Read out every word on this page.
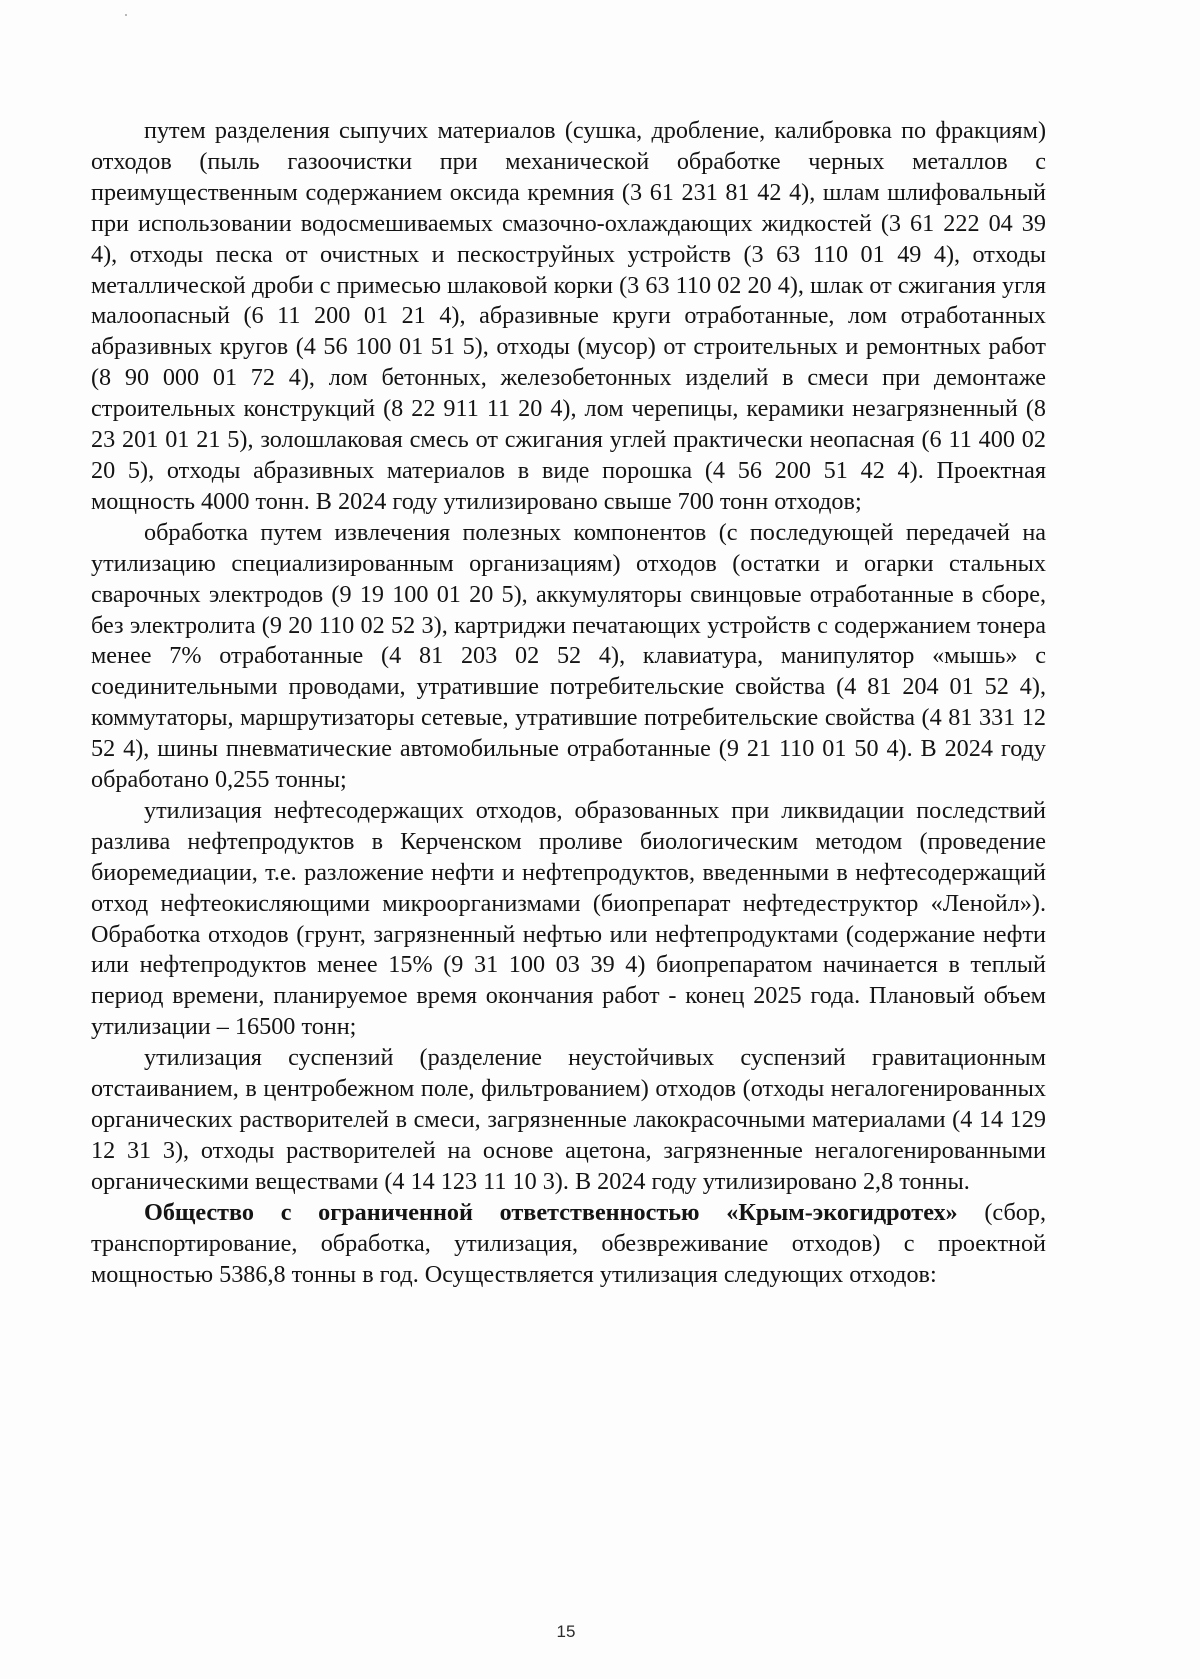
путем разделения сыпучих материалов (сушка, дробление, калибровка по фракциям) отходов (пыль газоочистки при механической обработке черных металлов с преимущественным содержанием оксида кремния (3 61 231 81 42 4), шлам шлифовальный при использовании водосмешиваемых смазочно-охлаждающих жидкостей (3 61 222 04 39 4), отходы песка от очистных и пескоструйных устройств (3 63 110 01 49 4), отходы металлической дроби с примесью шлаковой корки (3 63 110 02 20 4), шлак от сжигания угля малоопасный (6 11 200 01 21 4), абразивные круги отработанные, лом отработанных абразивных кругов (4 56 100 01 51 5), отходы (мусор) от строительных и ремонтных работ (8 90 000 01 72 4), лом бетонных, железобетонных изделий в смеси при демонтаже строительных конструкций (8 22 911 11 20 4), лом черепицы, керамики незагрязненный (8 23 201 01 21 5), золошлаковая смесь от сжигания углей практически неопасная (6 11 400 02 20 5), отходы абразивных материалов в виде порошка (4 56 200 51 42 4). Проектная мощность 4000 тонн. В 2024 году утилизировано свыше 700 тонн отходов;

обработка путем извлечения полезных компонентов (с последующей передачей на утилизацию специализированным организациям) отходов (остатки и огарки стальных сварочных электродов (9 19 100 01 20 5), аккумуляторы свинцовые отработанные в сборе, без электролита (9 20 110 02 52 3), картриджи печатающих устройств с содержанием тонера менее 7% отработанные (4 81 203 02 52 4), клавиатура, манипулятор «мышь» с соединительными проводами, утратившие потребительские свойства (4 81 204 01 52 4), коммутаторы, маршрутизаторы сетевые, утратившие потребительские свойства (4 81 331 12 52 4), шины пневматические автомобильные отработанные (9 21 110 01 50 4). В 2024 году обработано 0,255 тонны;

утилизация нефтесодержащих отходов, образованных при ликвидации последствий разлива нефтепродуктов в Керченском проливе биологическим методом (проведение биоремедиации, т.е. разложение нефти и нефтепродуктов, введенными в нефтесодержащий отход нефтеокисляющими микроорганизмами (биопрепарат нефтедеструктор «Ленойл»). Обработка отходов (грунт, загрязненный нефтью или нефтепродуктами (содержание нефти или нефтепродуктов менее 15% (9 31 100 03 39 4) биопрепаратом начинается в теплый период времени, планируемое время окончания работ - конец 2025 года. Плановый объем утилизации – 16500 тонн;

утилизация суспензий (разделение неустойчивых суспензий гравитационным отстаиванием, в центробежном поле, фильтрованием) отходов (отходы негалогенированных органических растворителей в смеси, загрязненные лакокрасочными материалами (4 14 129 12 31 3), отходы растворителей на основе ацетона, загрязненные негалогенированными органическими веществами (4 14 123 11 10 3). В 2024 году утилизировано 2,8 тонны.

Общество с ограниченной ответственностью «Крым-экогидротех» (сбор, транспортирование, обработка, утилизация, обезвреживание отходов) с проектной мощностью 5386,8 тонны в год. Осуществляется утилизация следующих отходов:

15
